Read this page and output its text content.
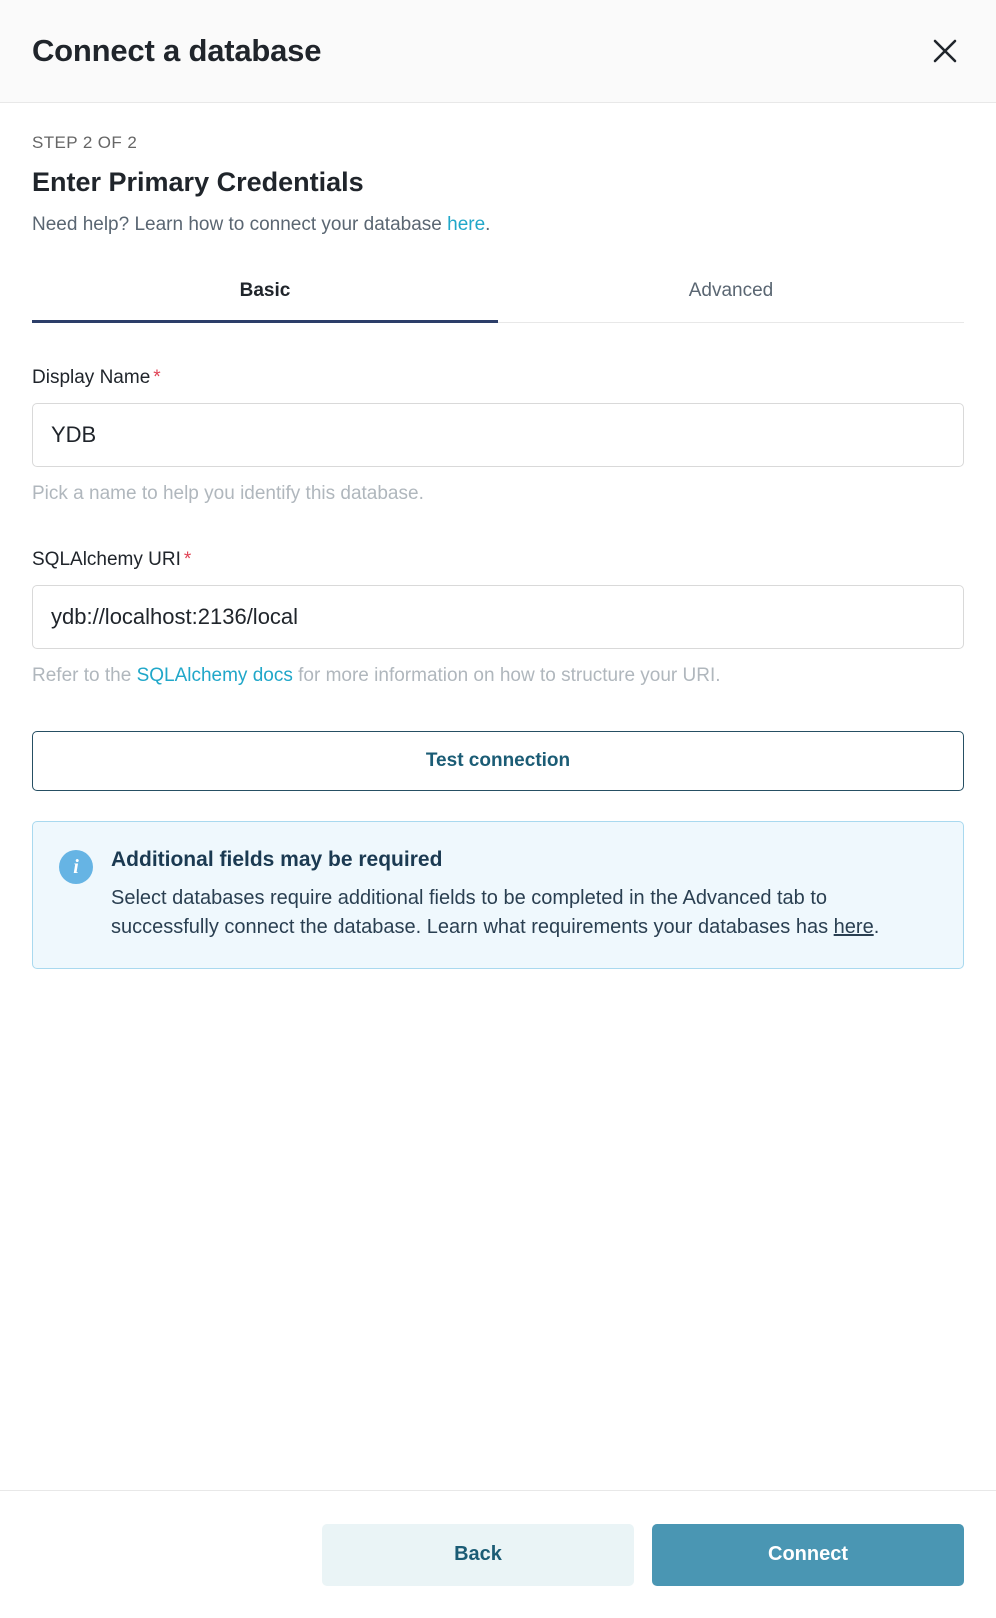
Connect a database
STEP 2 OF 2
Enter Primary Credentials
Need help? Learn how to connect your database here.
Basic	Advanced
Display Name *
YDB
Pick a name to help you identify this database.
SQLAlchemy URI *
ydb://localhost:2136/local
Refer to the SQLAlchemy docs for more information on how to structure your URI.
Test connection
i	Additional fields may be required
Select databases require additional fields to be completed in the Advanced tab to successfully connect the database. Learn what requirements your databases has here.
Back	Connect
